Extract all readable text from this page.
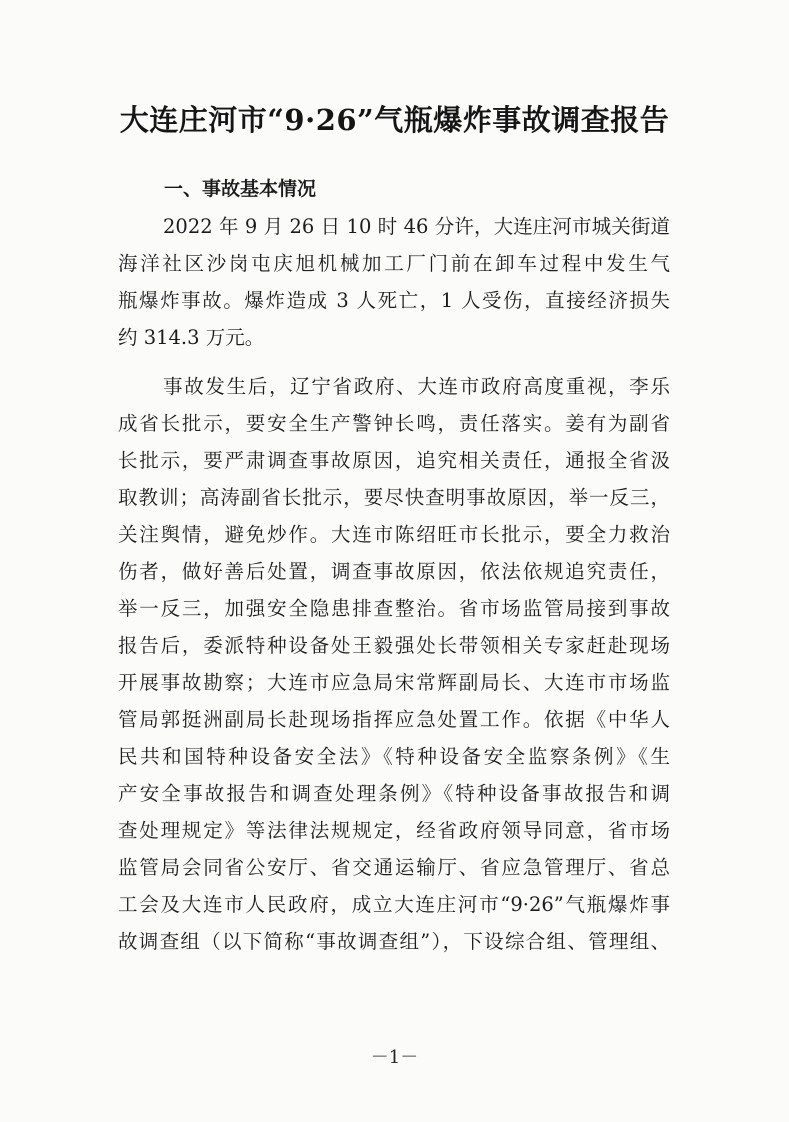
大连庄河市“9·26”气瓶爆炸事故调查报告
一、事故基本情况
2022 年 9 月 26 日 10 时 46 分许，大连庄河市城关街道
海洋社区沙岗屯庆旭机械加工厂门前在卸车过程中发生气
瓶爆炸事故。爆炸造成 3 人死亡，1 人受伤，直接经济损失
约 314.3 万元。
事故发生后，辽宁省政府、大连市政府高度重视，李乐
成省长批示，要安全生产警钟长鸣，责任落实。姜有为副省
长批示，要严肃调查事故原因，追究相关责任，通报全省汲
取教训；高涛副省长批示，要尽快查明事故原因，举一反三，
关注舆情，避免炒作。大连市陈绍旺市长批示，要全力救治
伤者，做好善后处置，调查事故原因，依法依规追究责任，
举一反三，加强安全隐患排查整治。省市场监管局接到事故
报告后，委派特种设备处王毅强处长带领相关专家赶赴现场
开展事故勘察；大连市应急局宋常辉副局长、大连市市场监
管局郭挺洲副局长赴现场指挥应急处置工作。依据《中华人
民共和国特种设备安全法》《特种设备安全监察条例》《生
产安全事故报告和调查处理条例》《特种设备事故报告和调
查处理规定》等法律法规规定，经省政府领导同意，省市场
监管局会同省公安厅、省交通运输厅、省应急管理厅、省总
工会及大连市人民政府，成立大连庄河市“9·26”气瓶爆炸事
故调查组（以下简称“事故调查组”），下设综合组、管理组、
－1－
